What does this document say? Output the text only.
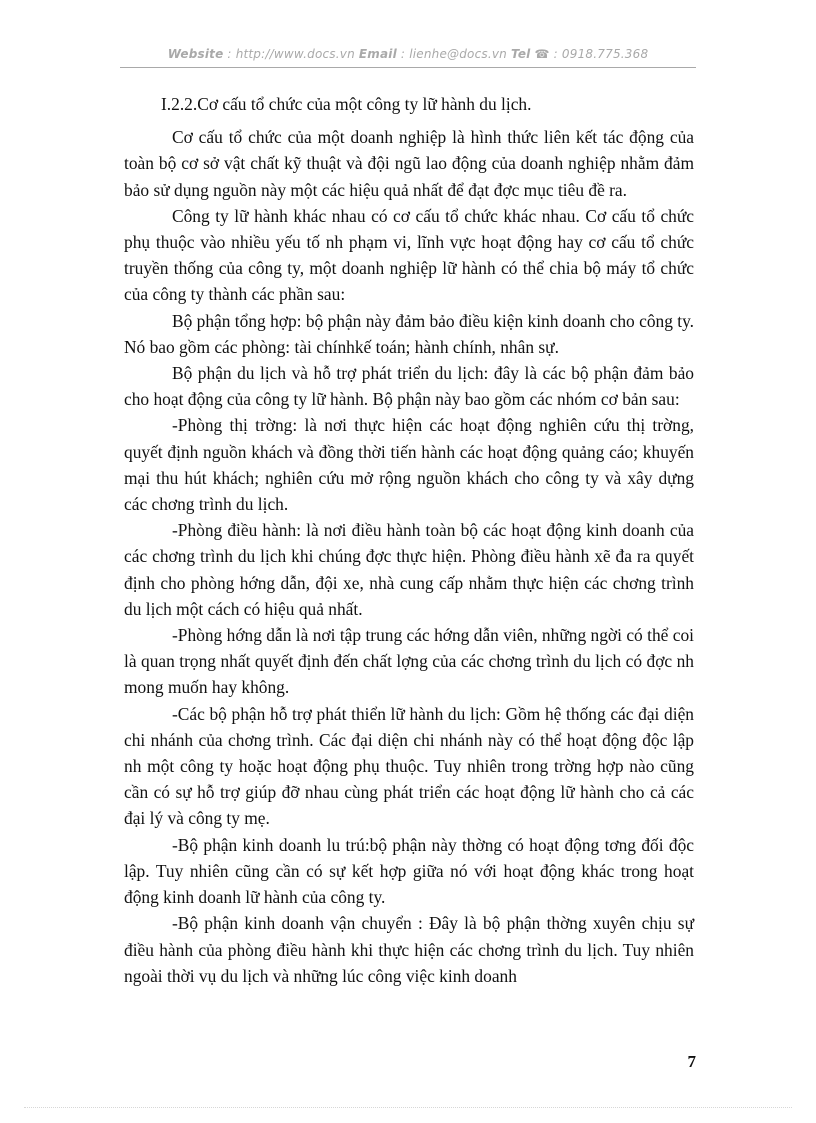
Website : http://www.docs.vn Email : lienhe@docs.vn Tel ☎ : 0918.775.368

I.2.2.Cơ cấu tổ chức của một công ty lữ hành du lịch.

Cơ cấu tổ chức của một doanh nghiệp là hình thức liên kết tác động của toàn bộ cơ sở vật chất kỹ thuật và đội ngũ lao động của doanh nghiệp nhằm đảm bảo sử dụng nguồn này một các hiệu quả nhất để đạt đợc mục tiêu đề ra.

Công ty lữ hành khác nhau có cơ cấu tổ chức khác nhau. Cơ cấu tổ chức phụ thuộc vào nhiều yếu tố nh phạm vi, lĩnh vực hoạt động hay cơ cấu tổ chức truyền thống của công ty, một doanh nghiệp lữ hành có thể chia bộ máy tổ chức của công ty thành các phần sau:

Bộ phận tổng hợp: bộ phận này đảm bảo điều kiện kinh doanh cho công ty. Nó bao gồm các phòng: tài chínhkế toán; hành chính, nhân sự.

Bộ phận du lịch và hỗ trợ phát triển du lịch: đây là các bộ phận đảm bảo cho hoạt động của công ty lữ hành. Bộ phận này bao gồm các nhóm cơ bản sau:

-Phòng thị trờng: là nơi thực hiện các hoạt động nghiên cứu thị trờng, quyết định nguồn khách và đồng thời tiến hành các hoạt động quảng cáo; khuyến mại thu hút khách; nghiên cứu mở rộng nguồn khách cho công ty và xây dựng các chơng trình du lịch.

-Phòng điều hành: là nơi điều hành toàn bộ các hoạt động kinh doanh của các chơng trình du lịch khi chúng đợc thực hiện. Phòng điều hành xẽ đa ra quyết định cho phòng hớng dẫn, đội xe, nhà cung cấp nhằm thực hiện các chơng trình du lịch một cách có hiệu quả nhất.

-Phòng hớng dẫn là nơi tập trung các hớng dẫn viên, những ngời có thể coi là quan trọng nhất quyết định đến chất lợng của các chơng trình du lịch có đợc nh mong muốn hay không.

-Các bộ phận hỗ trợ phát thiển lữ hành du lịch: Gồm hệ thống các đại diện chi nhánh của chơng trình. Các đại diện chi nhánh này có thể hoạt động độc lập nh một công ty hoặc hoạt động phụ thuộc. Tuy nhiên trong trờng hợp nào cũng cần có sự hỗ trợ giúp đỡ nhau cùng phát triển các hoạt động lữ hành cho cả các đại lý và công ty mẹ.

-Bộ phận kinh doanh lu trú:bộ phận này thờng có hoạt động tơng đối độc lập. Tuy nhiên cũng cần có sự kết hợp giữa nó với hoạt động khác trong hoạt động kinh doanh lữ hành của công ty.

-Bộ phận kinh doanh vận chuyển : Đây là bộ phận thờng xuyên chịu sự điều hành của phòng điều hành khi thực hiện các chơng trình du lịch. Tuy nhiên ngoài thời vụ du lịch và những lúc công việc kinh doanh

7
